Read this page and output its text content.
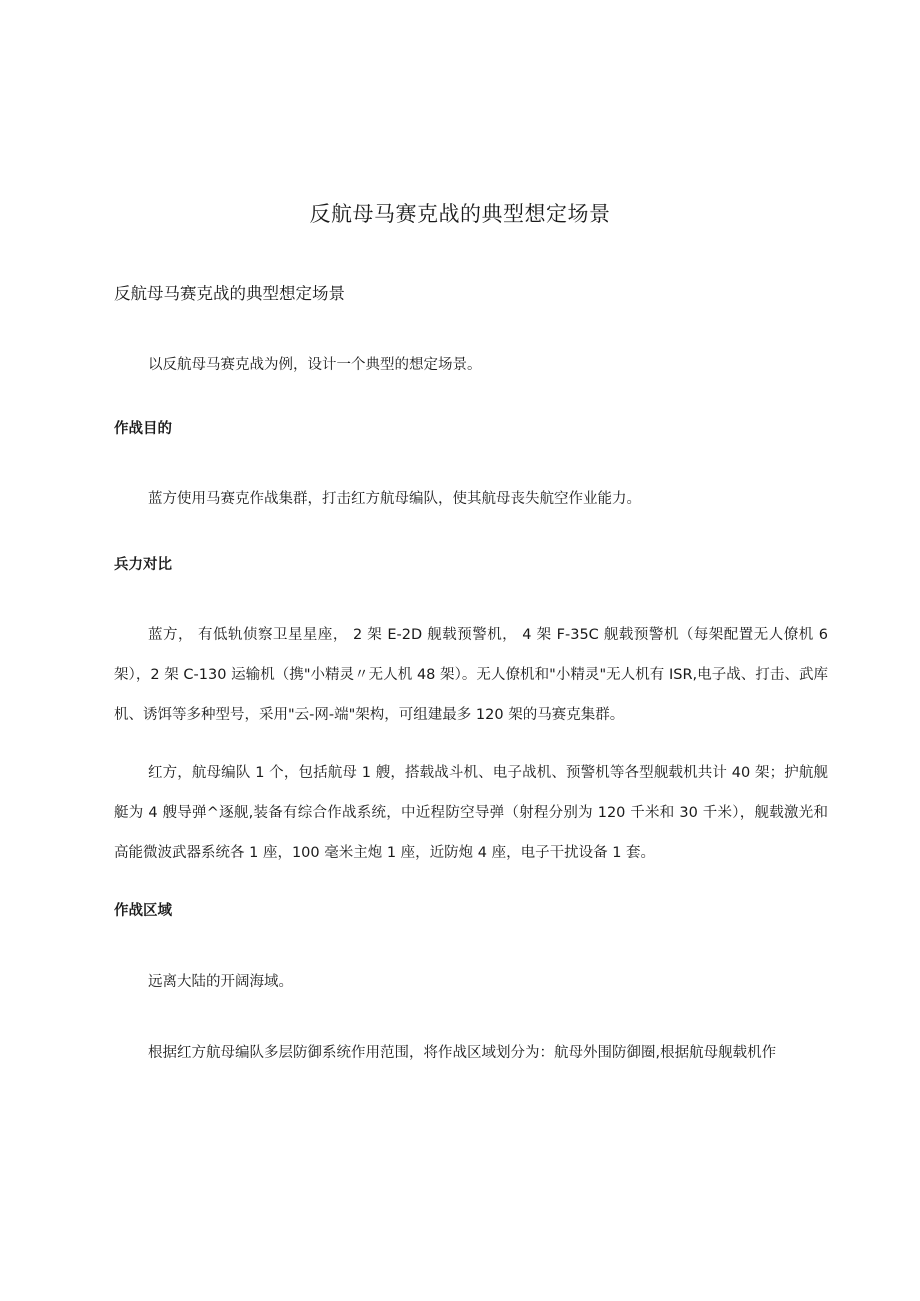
反航母马赛克战的典型想定场景
反航母马赛克战的典型想定场景

以反航母马赛克战为例，设计一个典型的想定场景。

作战目的

蓝方使用马赛克作战集群，打击红方航母编队，使其航母丧失航空作业能力。

兵力对比

蓝方， 有低轨侦察卫星星座， 2 架 E-2D 舰载预警机， 4 架 F-35C 舰载预警机（每架配置无人僚机 6 架），2 架 C-130 运输机（携"小精灵〃无人机 48 架）。无人僚机和"小精灵"无人机有 ISR,电子战、打击、武库机、诱饵等多种型号，采用"云-网-端"架构，可组建最多 120 架的马赛克集群。

红方，航母编队 1 个，包括航母 1 艘，搭载战斗机、电子战机、预警机等各型舰载机共计 40 架；护航舰艇为 4 艘导弹^逐舰,装备有综合作战系统，中近程防空导弹（射程分别为 120 千米和 30 千米），舰载激光和高能微波武器系统各 1 座，100 毫米主炮 1 座，近防炮 4 座，电子干扰设备 1 套。

作战区域

远离大陆的开阔海域。

根据红方航母编队多层防御系统作用范围，将作战区域划分为：航母外围防御圈,根据航母舰载机作
